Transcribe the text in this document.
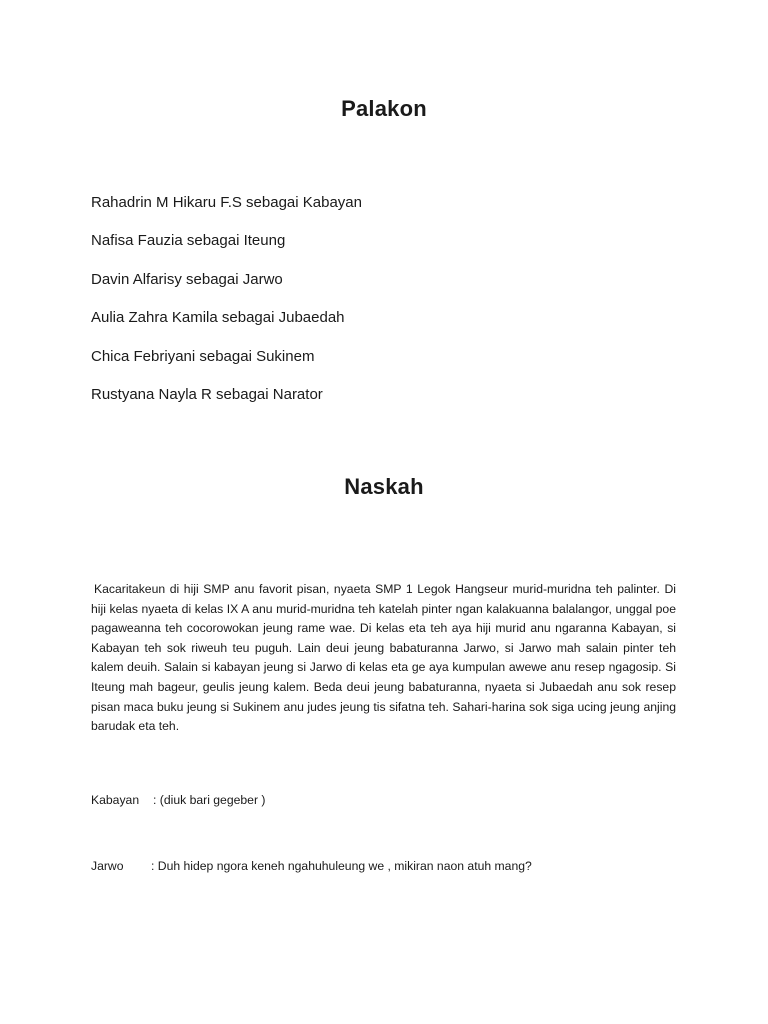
Palakon
Rahadrin M Hikaru F.S sebagai Kabayan
Nafisa Fauzia sebagai Iteung
Davin Alfarisy sebagai Jarwo
Aulia Zahra Kamila sebagai Jubaedah
Chica Febriyani sebagai Sukinem
Rustyana Nayla R sebagai Narator
Naskah

Kacaritakeun di hiji SMP anu favorit pisan, nyaeta SMP 1 Legok Hangseur murid-muridna teh palinter. Di hiji kelas nyaeta di kelas IX A anu murid-muridna teh katelah pinter ngan kalakuanna balalangor, unggal poe pagaweanna teh cocorowokan jeung rame wae. Di kelas eta teh aya hiji murid anu ngaranna Kabayan, si Kabayan teh sok riweuh teu puguh. Lain deui jeung babaturanna Jarwo, si Jarwo mah salain pinter teh kalem deuih. Salain si kabayan jeung si Jarwo di kelas eta ge aya kumpulan awewe anu resep ngagosip. Si Iteung mah bageur, geulis jeung kalem. Beda deui jeung babaturanna, nyaeta si Jubaedah anu sok resep pisan maca buku jeung si Sukinem anu judes jeung tis sifatna teh. Sahari-harina sok siga ucing jeung anjing barudak eta teh.

Kabayan : (diuk bari gegeber )
Jarwo : Duh hidep ngora keneh ngahuhuleung we , mikiran naon atuh mang?
